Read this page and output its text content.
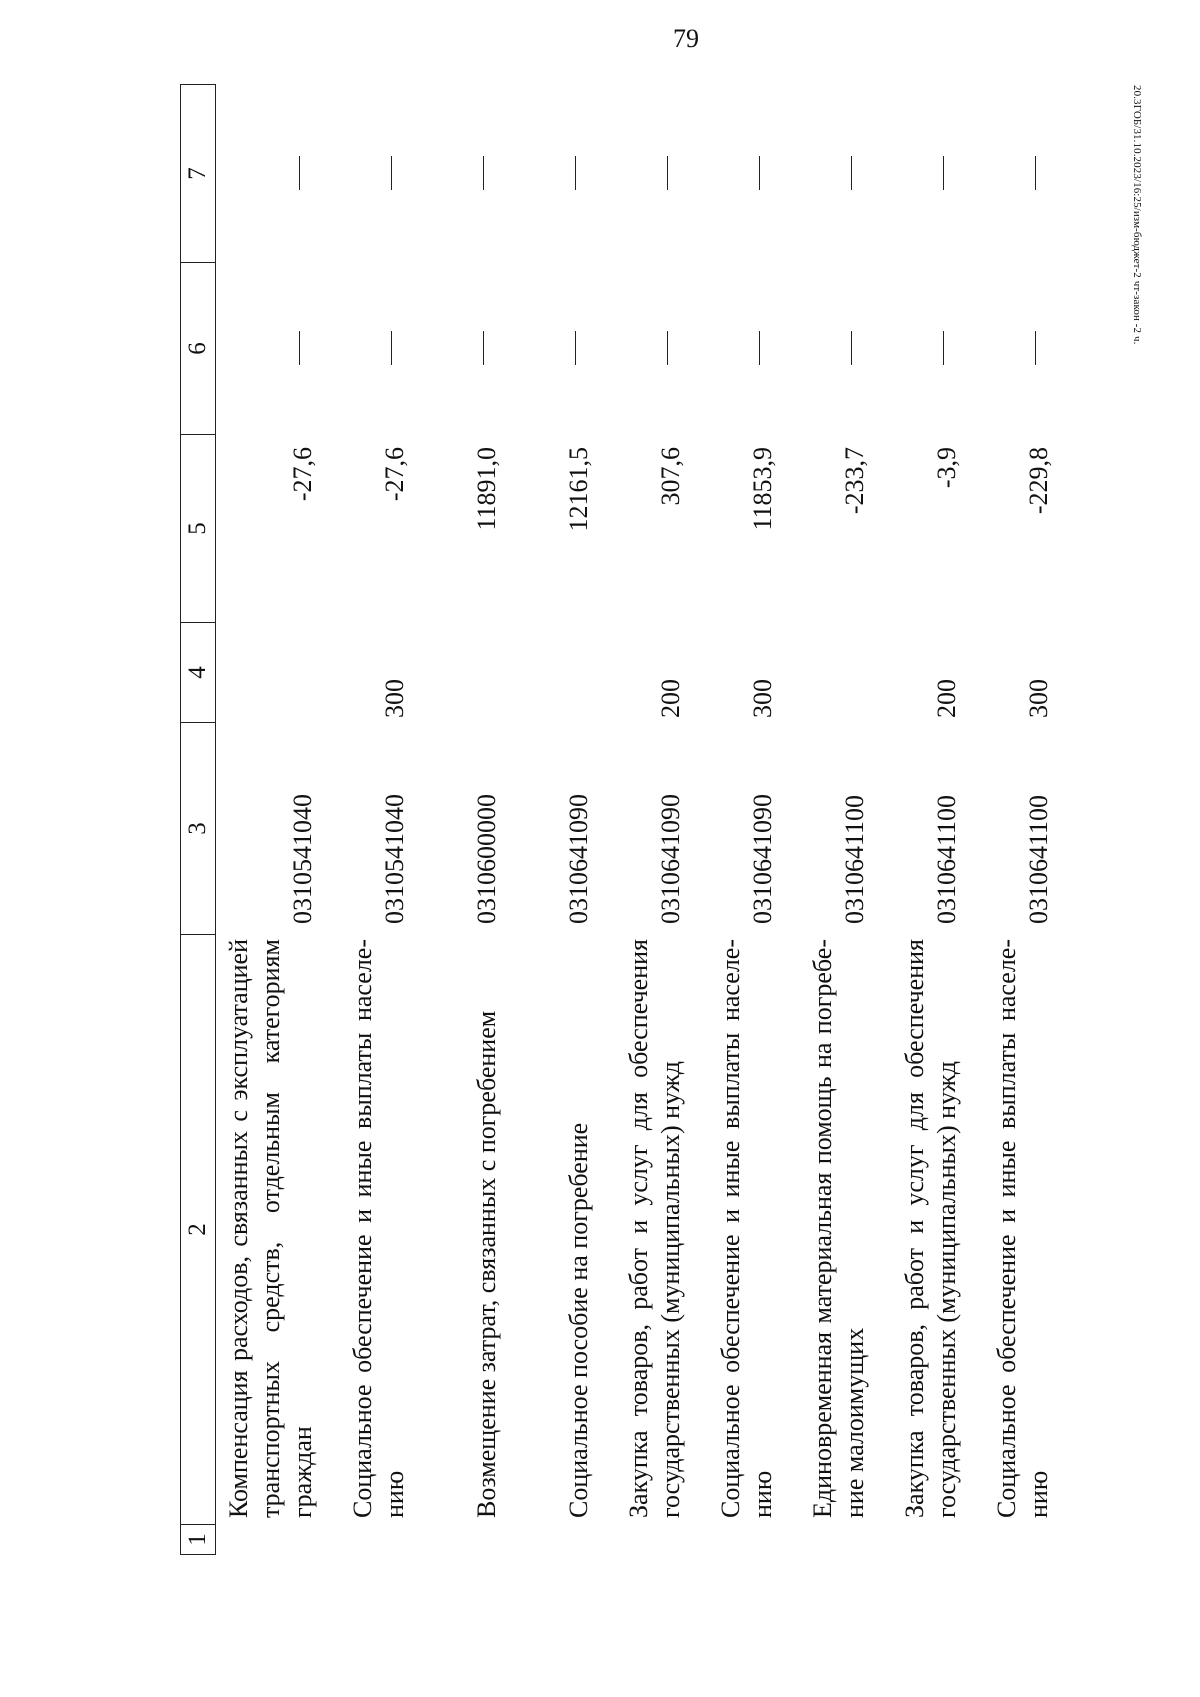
79
1	2	3	4	5	6	7
	Компенсация расходов, связанных с эксплуатацией транспортных средств, отдельным категориям граждан	0310541040		-27,6		
	Социальное обеспечение и иные выплаты населе-нию	0310541040	300	-27,6		
	Возмещение затрат, связанных с погребением	0310600000		11891,0		
	Социальное пособие на погребение	0310641090		12161,5		
	Закупка товаров, работ и услуг для обеспечения государственных (муниципальных) нужд	0310641090	200	307,6		
	Социальное обеспечение и иные выплаты населе-нию	0310641090	300	11853,9		
	Единовременная материальная помощь на погребе-ние малоимущих	0310641100		-233,7		
	Закупка товаров, работ и услуг для обеспечения государственных (муниципальных) нужд	0310641100	200	-3,9		
	Социальное обеспечение и иные выплаты населе-нию	0310641100	300	-229,8		
20.3ГОБ/31.10.2023/16:25/изм-бюджет-2 чт-закон -2 ч.
